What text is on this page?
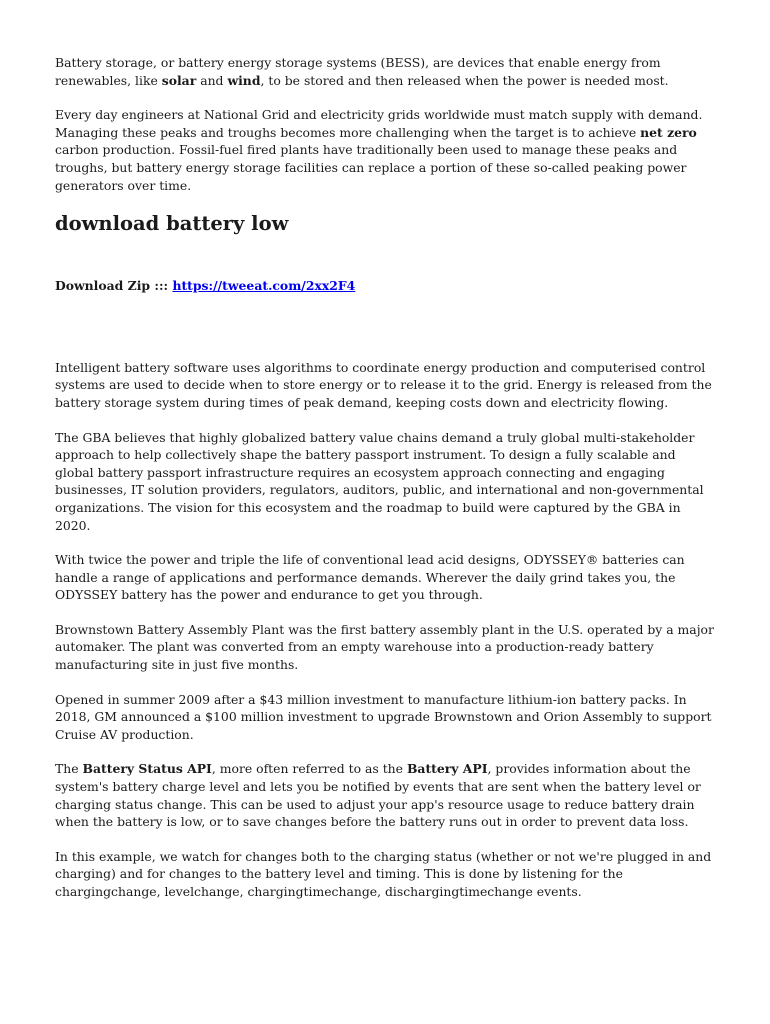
Battery storage, or battery energy storage systems (BESS), are devices that enable energy from renewables, like solar and wind, to be stored and then released when the power is needed most.

Every day engineers at National Grid and electricity grids worldwide must match supply with demand. Managing these peaks and troughs becomes more challenging when the target is to achieve net zero carbon production. Fossil-fuel fired plants have traditionally been used to manage these peaks and troughs, but battery energy storage facilities can replace a portion of these so-called peaking power generators over time.

download battery low

Download Zip ::: https://tweeat.com/2xx2F4

Intelligent battery software uses algorithms to coordinate energy production and computerised control systems are used to decide when to store energy or to release it to the grid. Energy is released from the battery storage system during times of peak demand, keeping costs down and electricity flowing.

The GBA believes that highly globalized battery value chains demand a truly global multi-stakeholder approach to help collectively shape the battery passport instrument. To design a fully scalable and global battery passport infrastructure requires an ecosystem approach connecting and engaging businesses, IT solution providers, regulators, auditors, public, and international and non-governmental organizations. The vision for this ecosystem and the roadmap to build were captured by the GBA in 2020.

With twice the power and triple the life of conventional lead acid designs, ODYSSEY® batteries can handle a range of applications and performance demands. Wherever the daily grind takes you, the ODYSSEY battery has the power and endurance to get you through.

Brownstown Battery Assembly Plant was the first battery assembly plant in the U.S. operated by a major automaker. The plant was converted from an empty warehouse into a production-ready battery manufacturing site in just five months.

Opened in summer 2009 after a $43 million investment to manufacture lithium-ion battery packs. In 2018, GM announced a $100 million investment to upgrade Brownstown and Orion Assembly to support Cruise AV production.

The Battery Status API, more often referred to as the Battery API, provides information about the system's battery charge level and lets you be notified by events that are sent when the battery level or charging status change. This can be used to adjust your app's resource usage to reduce battery drain when the battery is low, or to save changes before the battery runs out in order to prevent data loss.

In this example, we watch for changes both to the charging status (whether or not we're plugged in and charging) and for changes to the battery level and timing. This is done by listening for the chargingchange, levelchange, chargingtimechange, dischargingtimechange events.
